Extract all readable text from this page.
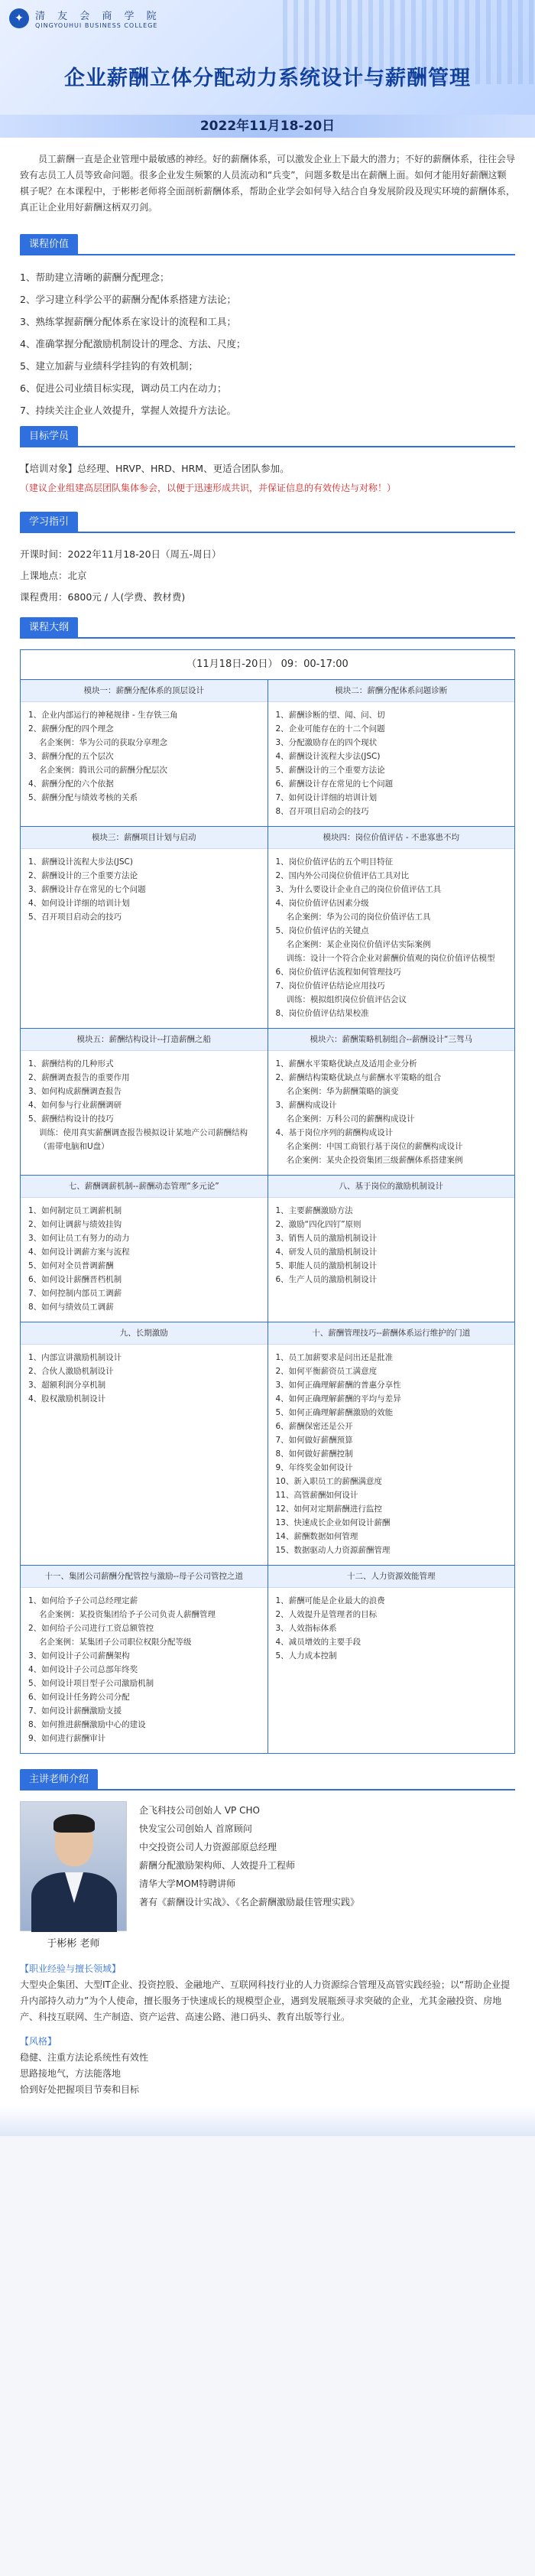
✦	清 友 会 商 学 院
QINGYOUHUI BUSINESS COLLEGE
企业薪酬立体分配动力系统设计与薪酬管理
2022年11月18-20日

员工薪酬一直是企业管理中最敏感的神经。好的薪酬体系，可以激发企业上下最大的潜力；不好的薪酬体系，往往会导致有志员工人员等致命问题。很多企业发生频繁的人员流动和“兵变”，问题多数是出在薪酬上面。如何才能用好薪酬这颗棋子呢？在本课程中，于彬彬老师将全面剖析薪酬体系，帮助企业学会如何导入结合自身发展阶段及现实环境的薪酬体系，真正让企业用好薪酬这柄双刃剑。

课程价值
1、帮助建立清晰的薪酬分配理念；
2、学习建立科学公平的薪酬分配体系搭建方法论；
3、熟练掌握薪酬分配体系在家设计的流程和工具；
4、准确掌握分配激励机制设计的理念、方法、尺度；
5、建立加薪与业绩科学挂钩的有效机制；
6、促进公司业绩目标实现，调动员工内在动力；
7、持续关注企业人效提升，掌握人效提升方法论。
目标学员
【培训对象】总经理、HRVP、HRD、HRM、更适合团队参加。
（建议企业组建高层团队集体参会，以便于迅速形成共识，并保证信息的有效传达与对称！）
学习指引
开课时间：2022年11月18-20日（周五-周日）
上课地点：北京
课程费用：6800元 / 人(学费、教材费)
课程大纲
（11月18日-20日） 09：00-17:00
模块一：薪酬分配体系的顶层设计
1、企业内部运行的神秘规律 - 生存铁三角
2、薪酬分配的四个理念
名企案例：华为公司的获取分享理念
3、薪酬分配的五个层次
名企案例：腾讯公司的薪酬分配层次
4、薪酬分配的六个依据
5、薪酬分配与绩效考核的关系
模块二：薪酬分配体系问题诊断
1、薪酬诊断的望、闻、问、切
2、企业可能存在的十二个问题
3、分配激励存在的四个现状
4、薪酬设计流程大步法(JSC)
5、薪酬设计的三个重要方法论
6、薪酬设计存在常见的七个问题
7、如何设计详细的培训计划
8、召开项目启动会的技巧
模块三：薪酬项目计划与启动
1、薪酬设计流程大步法(JSC)
2、薪酬设计的三个重要方法论
3、薪酬设计存在常见的七个问题
4、如何设计详细的培训计划
5、召开项目启动会的技巧
模块四：岗位价值评估 - 不患寡患不均
1、岗位价值评估的五个明目特征
2、国内外公司岗位价值评估工具对比
3、为什么要设计企业自己的岗位价值评估工具
4、岗位价值评估因素分级
名企案例：华为公司的岗位价值评估工具
5、岗位价值评估的关键点
名企案例：某企业岗位价值评估实际案例
训练：设计一个符合企业对薪酬价值观的岗位价值评估模型
6、岗位价值评估流程如何管理技巧
7、岗位价值评估结论应用技巧
训练：模拟组织岗位价值评估会议
8、岗位价值评估结果校准
模块五：薪酬结构设计--打造薪酬之船
1、薪酬结构的几种形式
2、薪酬调查报告的重要作用
3、如何构成薪酬调查报告
4、如何参与行业薪酬调研
5、薪酬结构设计的技巧
训练：使用真实薪酬调查报告模拟设计某地产公司薪酬结构
（需带电脑和U盘）
模块六：薪酬策略机制组合--薪酬设计“三驾马
1、薪酬水平策略优缺点及适用企业分析
2、薪酬结构策略优缺点与薪酬水平策略的组合
名企案例：华为薪酬策略的演变
3、薪酬构成设计
名企案例：万科公司的薪酬构成设计
4、基于岗位序列的薪酬构成设计
名企案例：中国工商银行基于岗位的薪酬构成设计
名企案例：某央企投资集团三级薪酬体系搭建案例
七、薪酬调薪机制--薪酬动态管理“多元论”
1、如何制定员工调薪机制
2、如何让调薪与绩效挂钩
3、如何让员工有努力的动力
4、如何设计调薪方案与流程
5、如何对全员普调薪酬
6、如何设计薪酬晋档机制
7、如何控制内部员工调薪
8、如何与绩效员工调薪
八、基于岗位的激励机制设计
1、主要薪酬激励方法
2、激励“四化四钉”原则
3、销售人员的激励机制设计
4、研发人员的激励机制设计
5、职能人员的激励机制设计
6、生产人员的激励机制设计
九、长期激励
1、内部宣讲激励机制设计
2、合伙人激励机制设计
3、超额利润分享机制
4、股权激励机制设计
十、薪酬管理技巧--薪酬体系运行维护的门道
1、员工加薪要求是问出还是批准
2、如何平衡薪资员工满意度
3、如何正确理解薪酬的普惠分享性
4、如何正确理解薪酬的平均与差异
5、如何正确理解薪酬激励的效能
6、薪酬保密还是公开
7、如何做好薪酬预算
8、如何做好薪酬控制
9、年终奖金如何设计
10、新入职员工的薪酬满意度
11、高管薪酬如何设计
12、如何对定期薪酬进行监控
13、快速成长企业如何设计薪酬
14、薪酬数据如何管理
15、数据驱动人力资源薪酬管理
十一、集团公司薪酬分配管控与激励--母子公司管控之道
1、如何给予子公司总经理定薪
名企案例：某投资集团给予子公司负责人薪酬管理
2、如何给子公司进行工资总额管控
名企案例：某集团子公司职位权限分配等级
3、如何设计子公司薪酬架构
4、如何设计子公司总部年终奖
5、如何设计项目型子公司激励机制
6、如何设计任务跨公司分配
7、如何设计薪酬激励支援
8、如何推进薪酬激励中心的建设
9、如何进行薪酬审计
十二、人力资源效能管理
1、薪酬可能是企业最大的浪费
2、人效提升是管理者的目标
3、人效指标体系
4、减员增效的主要手段
5、人力成本控制
主讲老师介绍
于彬彬 老师
企飞科技公司创始人 VP CHO
快发宝公司创始人 首席顾问
中交投资公司人力资源部原总经理
薪酬分配激励架构师、人效提升工程师
清华大学MOM特聘讲师
著有《薪酬设计实战》、《名企薪酬激励最佳管理实践》
【职业经验与擅长领域】
大型央企集团、大型IT企业、投资控股、金融地产、互联网科技行业的人力资源综合管理及高管实践经验；以“帮助企业提升内部持久动力”为个人使命，擅长服务于快速成长的规模型企业，遇到发展瓶颈寻求突破的企业，尤其金融投资、房地产、科技互联网、生产制造、资产运营、高速公路、港口码头、教育出版等行业。
【风格】
稳健、注重方法论系统性有效性
思路接地气，方法能落地
恰到好处把握项目节奏和目标
